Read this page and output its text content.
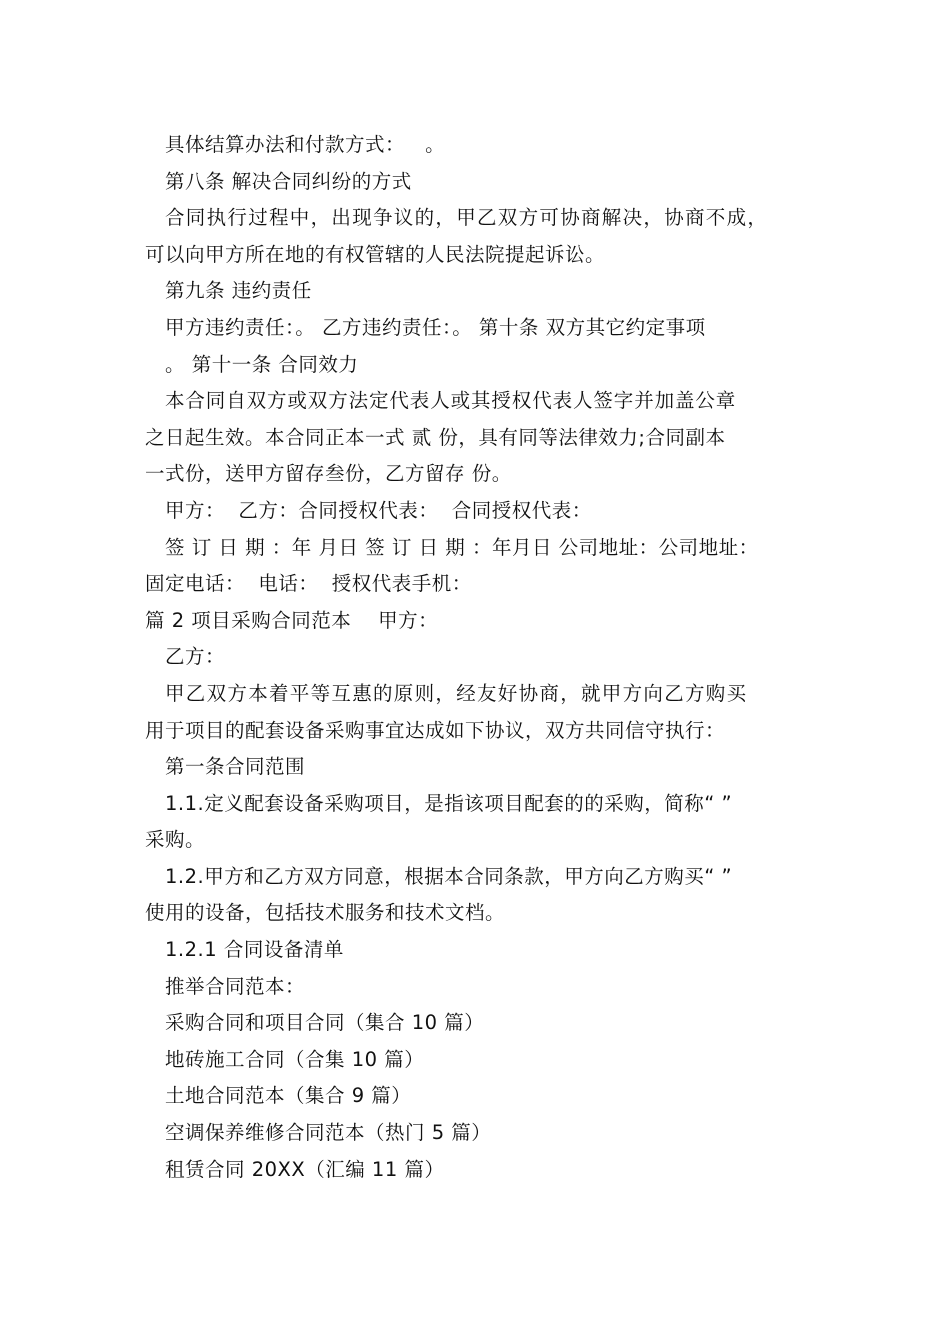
具体结算办法和付款方式：   。

第八条 解决合同纠纷的方式

合同执行过程中，出现争议的，甲乙双方可协商解决，协商不成，

可以向甲方所在地的有权管辖的人民法院提起诉讼。

第九条 违约责任

甲方违约责任：。 乙方违约责任：。 第十条 双方其它约定事项

。 第十一条 合同效力

本合同自双方或双方法定代表人或其授权代表人签字并加盖公章

之日起生效。本合同正本一式 贰 份，具有同等法律效力;合同副本

一式份，送甲方留存叁份，乙方留存 份。

甲方：  乙方：合同授权代表：  合同授权代表：

签 订 日 期 ：年 月日 签 订 日 期 ：年月日 公司地址：公司地址：

固定电话：  电话：  授权代表手机：

篇 2 项目采购合同范本    甲方：

乙方：

甲乙双方本着平等互惠的原则，经友好协商，就甲方向乙方购买

用于项目的配套设备采购事宜达成如下协议，双方共同信守执行：

第一条合同范围

1.1.定义配套设备采购项目，是指该项目配套的的采购，简称“ ”

采购。

1.2.甲方和乙方双方同意，根据本合同条款，甲方向乙方购买“ ”

使用的设备，包括技术服务和技术文档。

1.2.1 合同设备清单

推举合同范本：

采购合同和项目合同（集合 10 篇）

地砖施工合同（合集 10 篇）

土地合同范本（集合 9 篇）

空调保养维修合同范本（热门 5 篇）

租赁合同 20XX（汇编 11 篇）
